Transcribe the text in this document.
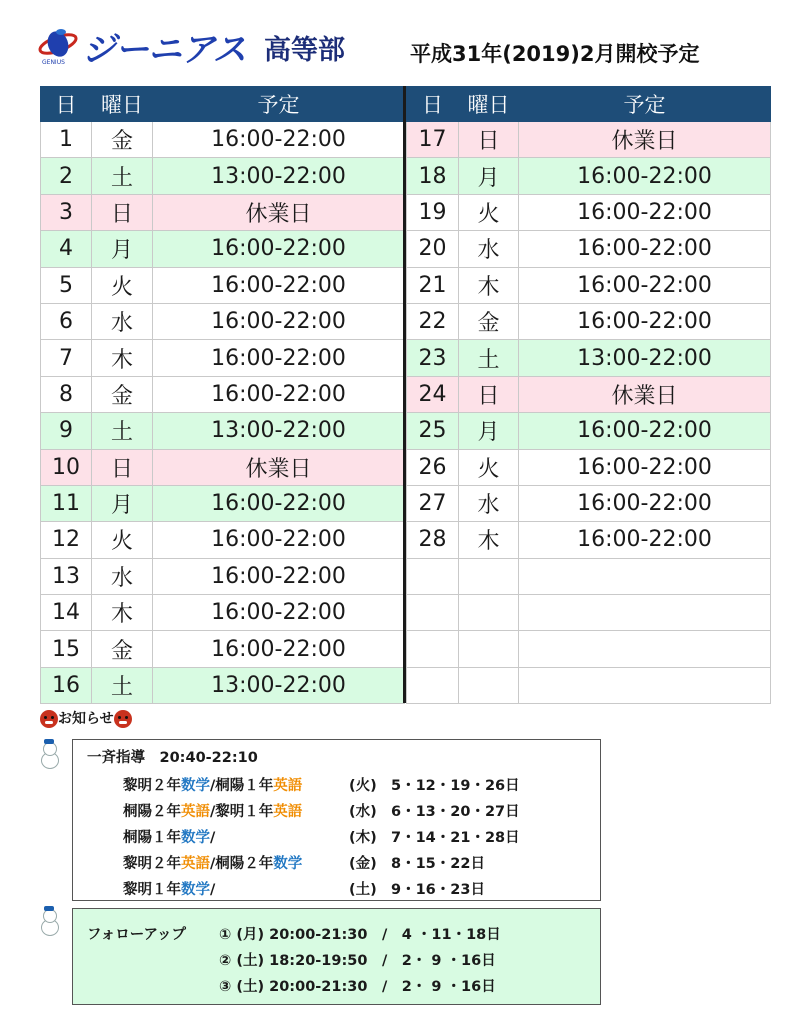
GENIUS ジーニアス 高等部	平成31年(2019)2月開校予定
日	曜日	予定
1	金	16:00-22:00
2	土	13:00-22:00
3	日	休業日
4	月	16:00-22:00
5	火	16:00-22:00
6	水	16:00-22:00
7	木	16:00-22:00
8	金	16:00-22:00
9	土	13:00-22:00
10	日	休業日
11	月	16:00-22:00
12	火	16:00-22:00
13	水	16:00-22:00
14	木	16:00-22:00
15	金	16:00-22:00
16	土	13:00-22:00
日	曜日	予定
17	日	休業日
18	月	16:00-22:00
19	火	16:00-22:00
20	水	16:00-22:00
21	木	16:00-22:00
22	金	16:00-22:00
23	土	13:00-22:00
24	日	休業日
25	月	16:00-22:00
26	火	16:00-22:00
27	水	16:00-22:00
28	木	16:00-22:00

お知らせ
一斉指導　20:40-22:10
黎明２年数学/桐陽１年英語	(火) 5・12・19・26日
桐陽２年英語/黎明１年英語	(水) 6・13・20・27日
桐陽１年数学/	(木) 7・14・21・28日
黎明２年英語/桐陽２年数学	(金) 8・15・22日
黎明１年数学/	(土) 9・16・23日
フォローアップ ① (月) 20:00-21:30　/　4 ・11・18日
② (土) 18:20-19:50　/　2・ 9 ・16日
③ (土) 20:00-21:30　/　2・ 9 ・16日
